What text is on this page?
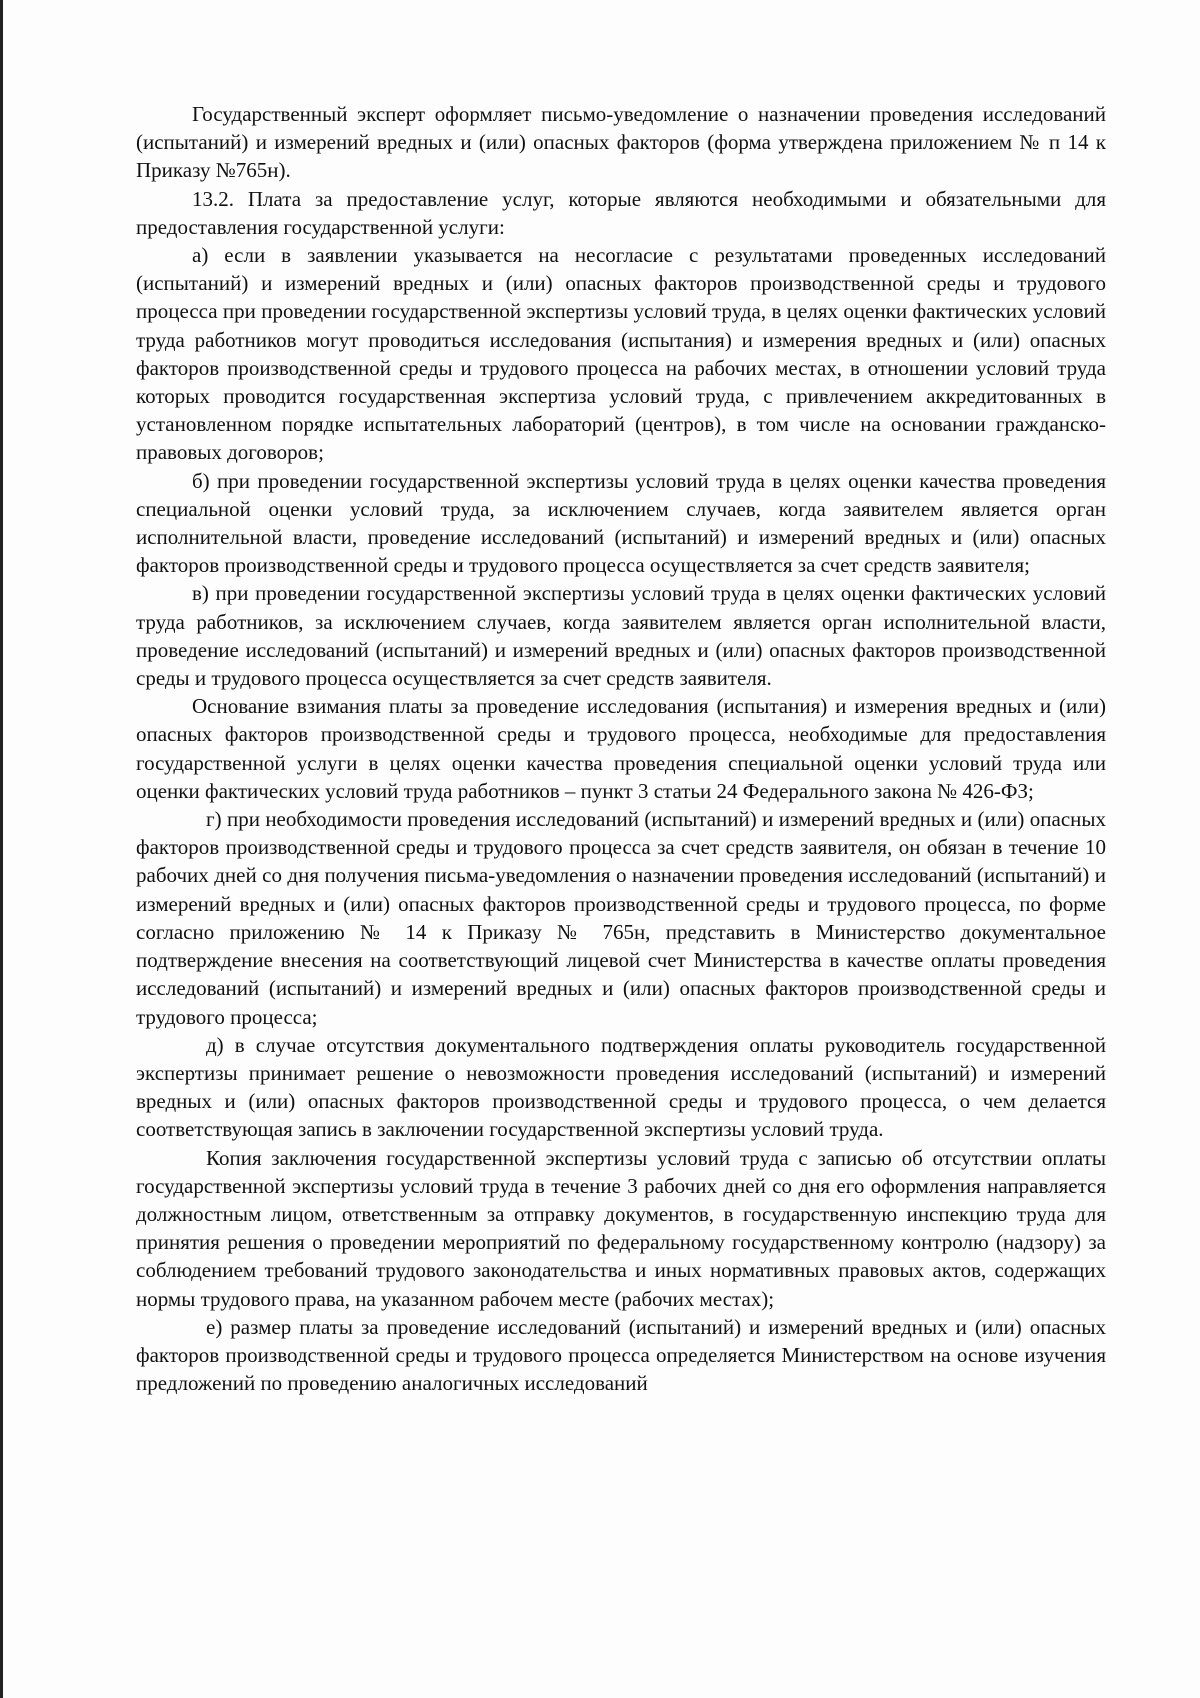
Государственный эксперт оформляет письмо-уведомление о назначении проведения исследований (испытаний) и измерений вредных и (или) опасных факторов (форма утверждена приложением № п 14 к Приказу №765н).

13.2. Плата за предоставление услуг, которые являются необходимыми и обязательными для предоставления государственной услуги:

а) если в заявлении указывается на несогласие с результатами проведенных исследований (испытаний) и измерений вредных и (или) опасных факторов производственной среды и трудового процесса при проведении государственной экспертизы условий труда, в целях оценки фактических условий труда работников могут проводиться исследования (испытания) и измерения вредных и (или) опасных факторов производственной среды и трудового процесса на рабочих местах, в отношении условий труда которых проводится государственная экспертиза условий труда, с привлечением аккредитованных в установленном порядке испытательных лабораторий (центров), в том числе на основании гражданско-правовых договоров;

б) при проведении государственной экспертизы условий труда в целях оценки качества проведения специальной оценки условий труда, за исключением случаев, когда заявителем является орган исполнительной власти, проведение исследований (испытаний) и измерений вредных и (или) опасных факторов производственной среды и трудового процесса осуществляется за счет средств заявителя;

в) при проведении государственной экспертизы условий труда в целях оценки фактических условий труда работников, за исключением случаев, когда заявителем является орган исполнительной власти, проведение исследований (испытаний) и измерений вредных и (или) опасных факторов производственной среды и трудового процесса осуществляется за счет средств заявителя.

Основание взимания платы за проведение исследования (испытания) и измерения вредных и (или) опасных факторов производственной среды и трудового процесса, необходимые для предоставления государственной услуги в целях оценки качества проведения специальной оценки условий труда или оценки фактических условий труда работников – пункт 3 статьи 24 Федерального закона № 426-ФЗ;

г) при необходимости проведения исследований (испытаний) и измерений вредных и (или) опасных факторов производственной среды и трудового процесса за счет средств заявителя, он обязан в течение 10 рабочих дней со дня получения письма-уведомления о назначении проведения исследований (испытаний) и измерений вредных и (или) опасных факторов производственной среды и трудового процесса, по форме согласно приложению № 14 к Приказу № 765н, представить в Министерство документальное подтверждение внесения на соответствующий лицевой счет Министерства в качестве оплаты проведения исследований (испытаний) и измерений вредных и (или) опасных факторов производственной среды и трудового процесса;

д) в случае отсутствия документального подтверждения оплаты руководитель государственной экспертизы принимает решение о невозможности проведения исследований (испытаний) и измерений вредных и (или) опасных факторов производственной среды и трудового процесса, о чем делается соответствующая запись в заключении государственной экспертизы условий труда.

Копия заключения государственной экспертизы условий труда с записью об отсутствии оплаты государственной экспертизы условий труда в течение 3 рабочих дней со дня его оформления направляется должностным лицом, ответственным за отправку документов, в государственную инспекцию труда для принятия решения о проведении мероприятий по федеральному государственному контролю (надзору) за соблюдением требований трудового законодательства и иных нормативных правовых актов, содержащих нормы трудового права, на указанном рабочем месте (рабочих местах);

е) размер платы за проведение исследований (испытаний) и измерений вредных и (или) опасных факторов производственной среды и трудового процесса определяется Министерством на основе изучения предложений по проведению аналогичных исследований
